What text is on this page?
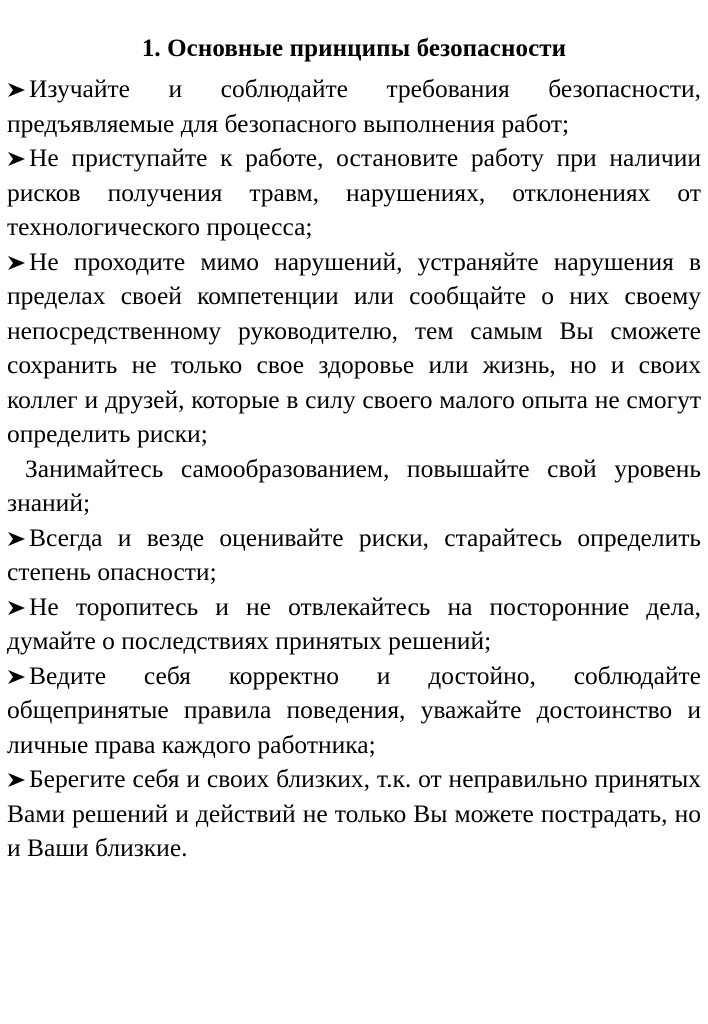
1. Основные принципы безопасности

Изучайте и соблюдайте требования безопасности, предъявляемые для безопасного выполнения работ;

Не приступайте к работе, остановите работу при наличии рисков получения травм, нарушениях, отклонениях от технологического процесса;

Не проходите мимо нарушений, устраняйте нарушения в пределах своей компетенции или сообщайте о них своему непосредственному руководителю, тем самым Вы сможете сохранить не только свое здоровье или жизнь, но и своих коллег и друзей, которые в силу своего малого опыта не смогут определить риски;

Занимайтесь самообразованием, повышайте свой уровень знаний;

Всегда и везде оценивайте риски, старайтесь определить степень опасности;

Не торопитесь и не отвлекайтесь на посторонние дела, думайте о последствиях принятых решений;

Ведите себя корректно и достойно, соблюдайте общепринятые правила поведения, уважайте достоинство и личные права каждого работника;

Берегите себя и своих близких, т.к. от неправильно принятых Вами решений и действий не только Вы можете пострадать, но и Ваши близкие.
